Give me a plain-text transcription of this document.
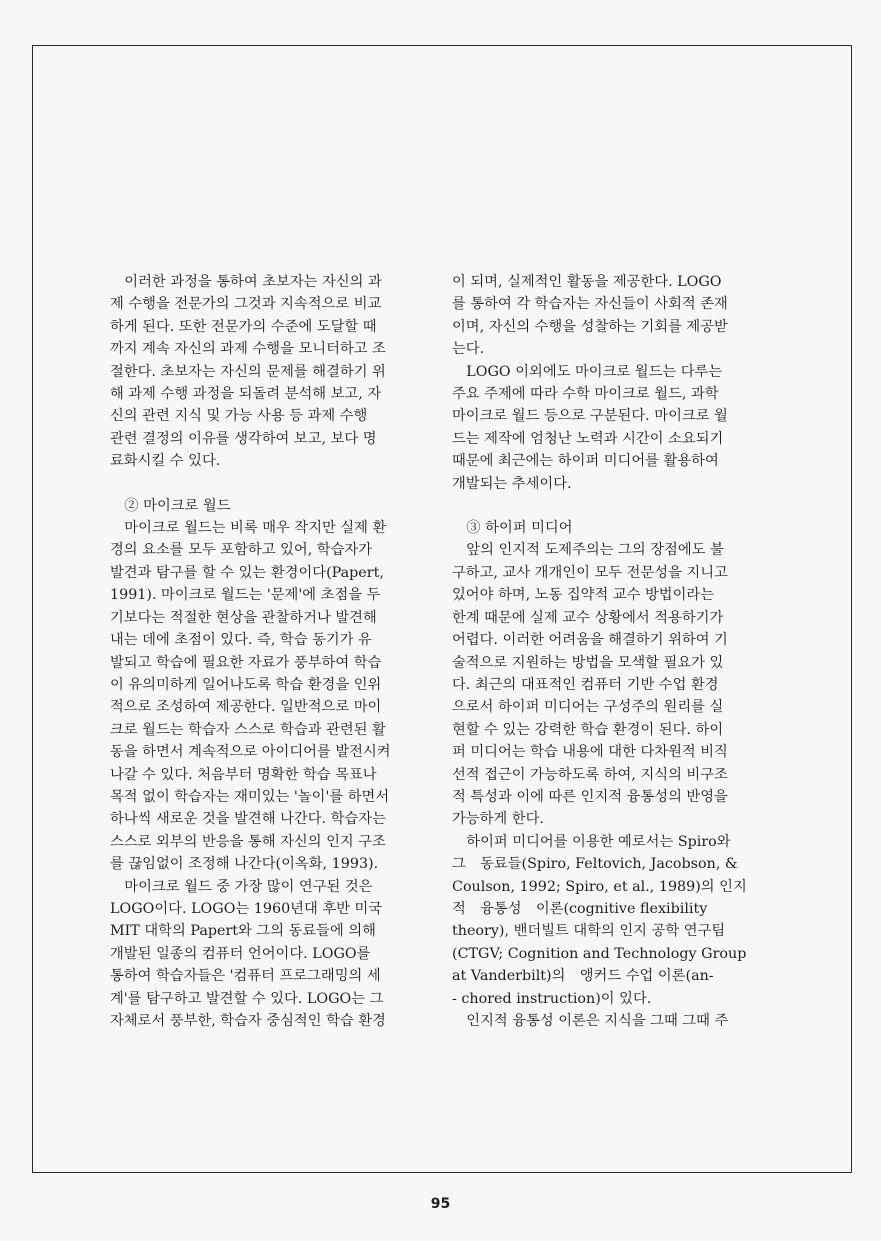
　이러한 과정을 통하여 초보자는 자신의 과
제 수행을 전문가의 그것과 지속적으로 비교
하게 된다. 또한 전문가의 수준에 도달할 때
까지 계속 자신의 과제 수행을 모니터하고 조
절한다. 초보자는 자신의 문제를 해결하기 위
해 과제 수행 과정을 되돌려 분석해 보고, 자
신의 관련 지식 및 가능 사용 등 과제 수행
관련 결정의 이유를 생각하여 보고, 보다 명
료화시킬 수 있다.
　② 마이크로 월드
　마이크로 월드는 비록 매우 작지만 실제 환
경의 요소를 모두 포함하고 있어, 학습자가
발견과 탐구를 할 수 있는 환경이다(Papert,
1991). 마이크로 월드는 '문제'에 초점을 두
기보다는 적절한 현상을 관찰하거나 발견해
내는 데에 초점이 있다. 즉, 학습 동기가 유
발되고 학습에 필요한 자료가 풍부하여 학습
이 유의미하게 일어나도록 학습 환경을 인위
적으로 조성하여 제공한다. 일반적으로 마이
크로 월드는 학습자 스스로 학습과 관련된 활
동을 하면서 계속적으로 아이디어를 발전시켜
나갈 수 있다. 처음부터 명확한 학습 목표나
목적 없이 학습자는 재미있는 '놀이'를 하면서
하나씩 새로운 것을 발견해 나간다. 학습자는
스스로 외부의 반응을 통해 자신의 인지 구조
를 끊임없이 조정해 나간다(이옥화, 1993).
　마이크로 월드 중 가장 많이 연구된 것은
LOGO이다. LOGO는 1960년대 후반 미국
MIT 대학의 Papert와 그의 동료들에 의해
개발된 일종의 컴퓨터 언어이다. LOGO를
통하여 학습자들은 '컴퓨터 프로그래밍의 세
계'를 탐구하고 발견할 수 있다. LOGO는 그
자체로서 풍부한, 학습자 중심적인 학습 환경
이 되며, 실제적인 활동을 제공한다. LOGO
를 통하여 각 학습자는 자신들이 사회적 존재
이며, 자신의 수행을 성찰하는 기회를 제공받
는다.
　LOGO 이외에도 마이크로 월드는 다루는
주요 주제에 따라 수학 마이크로 월드, 과학
마이크로 월드 등으로 구분된다. 마이크로 월
드는 제작에 엄청난 노력과 시간이 소요되기
때문에 최근에는 하이퍼 미디어를 활용하여
개발되는 추세이다.
　③ 하이퍼 미디어
　앞의 인지적 도제주의는 그의 장점에도 불
구하고, 교사 개개인이 모두 전문성을 지니고
있어야 하며, 노동 집약적 교수 방법이라는
한계 때문에 실제 교수 상황에서 적용하기가
어렵다. 이러한 어려움을 해결하기 위하여 기
술적으로 지원하는 방법을 모색할 필요가 있
다. 최근의 대표적인 컴퓨터 기반 수업 환경
으로서 하이퍼 미디어는 구성주의 원리를 실
현할 수 있는 강력한 학습 환경이 된다. 하이
퍼 미디어는 학습 내용에 대한 다차원적 비직
선적 접근이 가능하도록 하여, 지식의 비구조
적 특성과 이에 따른 인지적 융통성의 반영을
가능하게 한다.
　하이퍼 미디어를 이용한 예로서는 Spiro와
그　동료들(Spiro, Feltovich, Jacobson, &
Coulson, 1992; Spiro, et al., 1989)의 인지
적　융통성　이론(cognitive flexibility
theory), 밴더빌트 대학의 인지 공학 연구팀
(CTGV; Cognition and Technology Group
at Vanderbilt)의　앵커드 수업 이론(an-
- chored instruction)이 있다.
　인지적 융통성 이론은 지식을 그때 그때 주
95
